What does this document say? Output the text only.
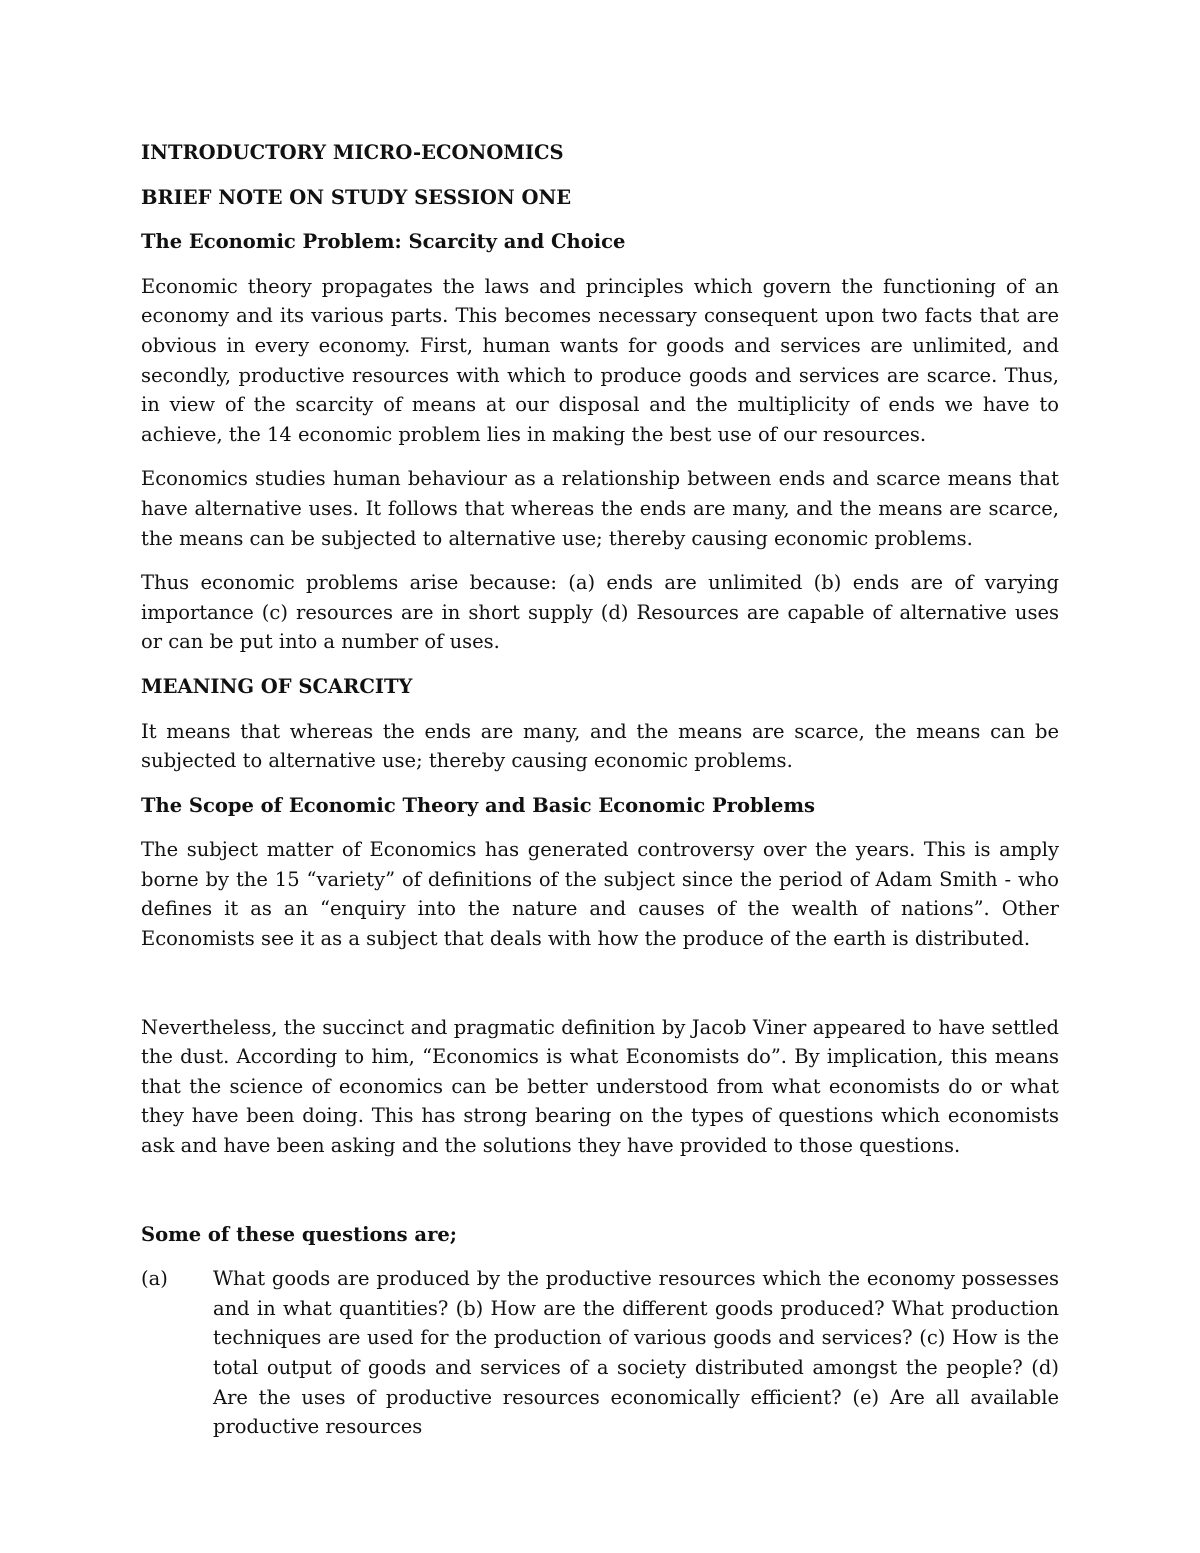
INTRODUCTORY MICRO-ECONOMICS

BRIEF NOTE ON STUDY SESSION ONE

The Economic Problem: Scarcity and Choice

Economic theory propagates the laws and principles which govern the functioning of an economy and its various parts. This becomes necessary consequent upon two facts that are obvious in every economy. First, human wants for goods and services are unlimited, and secondly, productive resources with which to produce goods and services are scarce. Thus, in view of the scarcity of means at our disposal and the multiplicity of ends we have to achieve, the 14 economic problem lies in making the best use of our resources.

Economics studies human behaviour as a relationship between ends and scarce means that have alternative uses. It follows that whereas the ends are many, and the means are scarce, the means can be subjected to alternative use; thereby causing economic problems.

Thus economic problems arise because: (a) ends are unlimited (b) ends are of varying importance (c) resources are in short supply (d) Resources are capable of alternative uses or can be put into a number of uses.

MEANING OF SCARCITY

It means that whereas the ends are many, and the means are scarce, the means can be subjected to alternative use; thereby causing economic problems.

The Scope of Economic Theory and Basic Economic Problems

The subject matter of Economics has generated controversy over the years. This is amply borne by the 15 “variety” of definitions of the subject since the period of Adam Smith - who defines it as an “enquiry into the nature and causes of the wealth of nations”. Other Economists see it as a subject that deals with how the produce of the earth is distributed.

Nevertheless, the succinct and pragmatic definition by Jacob Viner appeared to have settled the dust. According to him, “Economics is what Economists do”. By implication, this means that the science of economics can be better understood from what economists do or what they have been doing. This has strong bearing on the types of questions which economists ask and have been asking and the solutions they have provided to those questions.

Some of these questions are;

(a) What goods are produced by the productive resources which the economy possesses and in what quantities? (b) How are the different goods produced? What production techniques are used for the production of various goods and services? (c) How is the total output of goods and services of a society distributed amongst the people? (d) Are the uses of productive resources economically efficient? (e) Are all available productive resources
